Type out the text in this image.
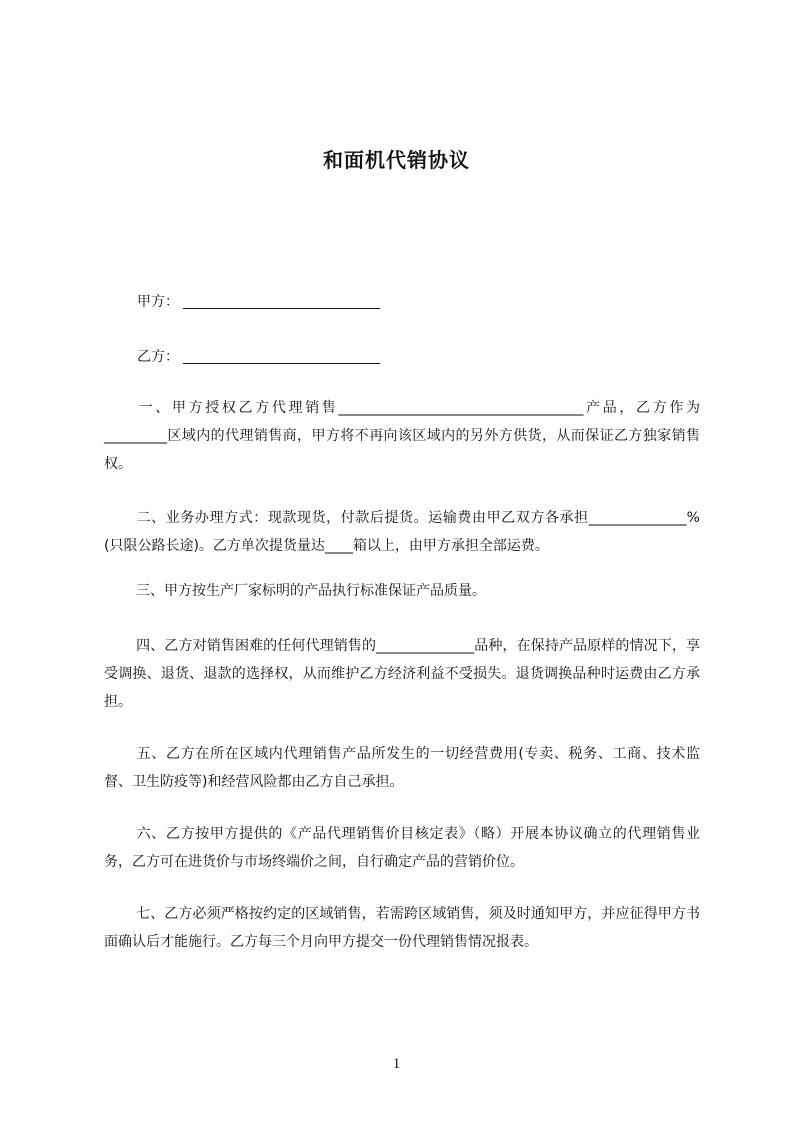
和面机代销协议
甲方：
乙方：
一、甲方授权乙方代理销售___________________________________产品，乙方作为_________区域内的代理销售商，甲方将不再向该区域内的另外方供货，从而保证乙方独家销售权。
二、业务办理方式：现款现货，付款后提货。运输费由甲乙双方各承担______________%(只限公路长途)。乙方单次提货量达____箱以上，由甲方承担全部运费。
三、甲方按生产厂家标明的产品执行标准保证产品质量。
四、乙方对销售困难的任何代理销售的______________品种，在保持产品原样的情况下，享受调换、退货、退款的选择权，从而维护乙方经济利益不受损失。退货调换品种时运费由乙方承担。
五、乙方在所在区域内代理销售产品所发生的一切经营费用(专卖、税务、工商、技术监督、卫生防疫等)和经营风险都由乙方自己承担。
六、乙方按甲方提供的《产品代理销售价目核定表》（略）开展本协议确立的代理销售业务，乙方可在进货价与市场终端价之间，自行确定产品的营销价位。
七、乙方必须严格按约定的区域销售，若需跨区域销售，须及时通知甲方，并应征得甲方书面确认后才能施行。乙方每三个月向甲方提交一份代理销售情况报表。
1
